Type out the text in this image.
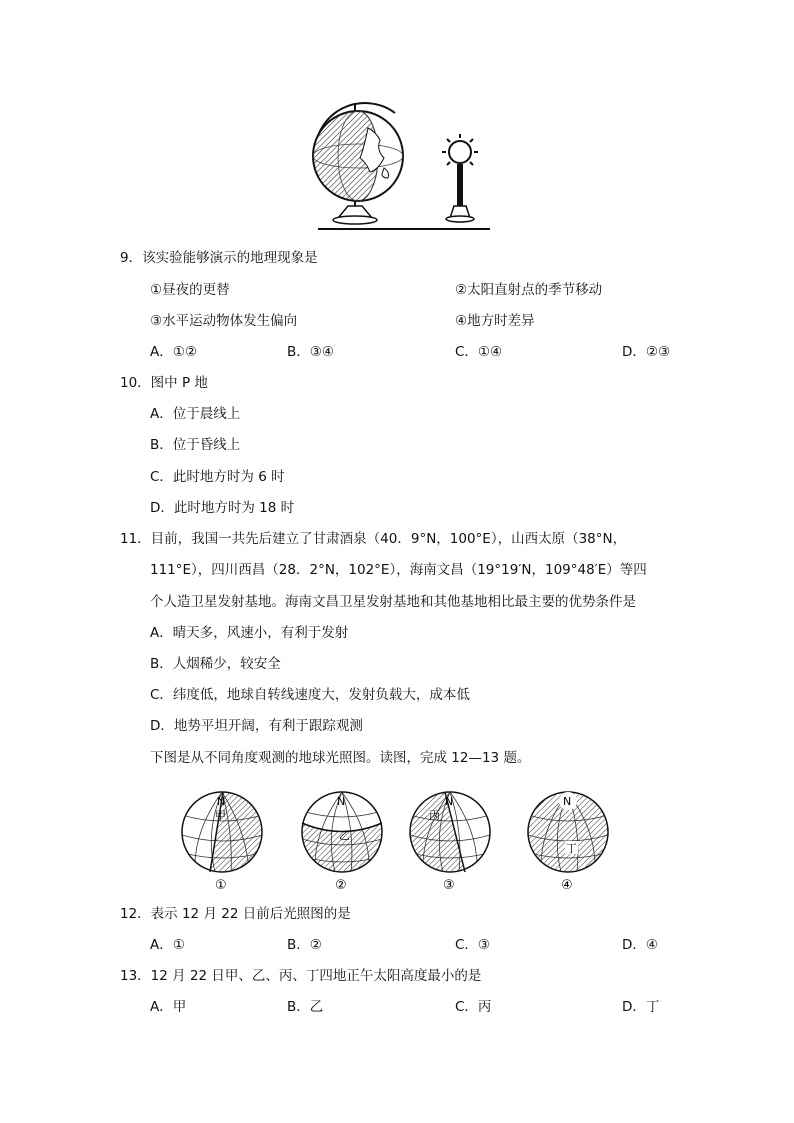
9．该实验能够演示的地理现象是
①昼夜的更替	②太阳直射点的季节移动
③水平运动物体发生偏向	④地方时差异
A．①②	B．③④	C．①④	D．②③
10．图中 P 地
A．位于晨线上
B．位于昏线上
C．此时地方时为 6 时
D．此时地方时为 18 时
11．目前，我国一共先后建立了甘肃酒泉（40．9°N，100°E），山西太原（38°N，
111°E），四川西昌（28．2°N，102°E），海南文昌（19°19′N，109°48′E）等四
个人造卫星发射基地。海南文昌卫星发射基地和其他基地相比最主要的优势条件是
A．晴天多，风速小，有利于发射
B．人烟稀少，较安全
C．纬度低，地球自转线速度大，发射负载大，成本低
D．地势平坦开阔，有利于跟踪观测
下图是从不同角度观测的地球光照图。读图，完成 12—13 题。
N
甲
①
N
乙
②
N
丙
③
N
丁
④
12．表示 12 月 22 日前后光照图的是
A．①	B．②	C．③	D．④
13．12 月 22 日甲、乙、丙、丁四地正午太阳高度最小的是
A．甲	B．乙	C．丙	D．丁
